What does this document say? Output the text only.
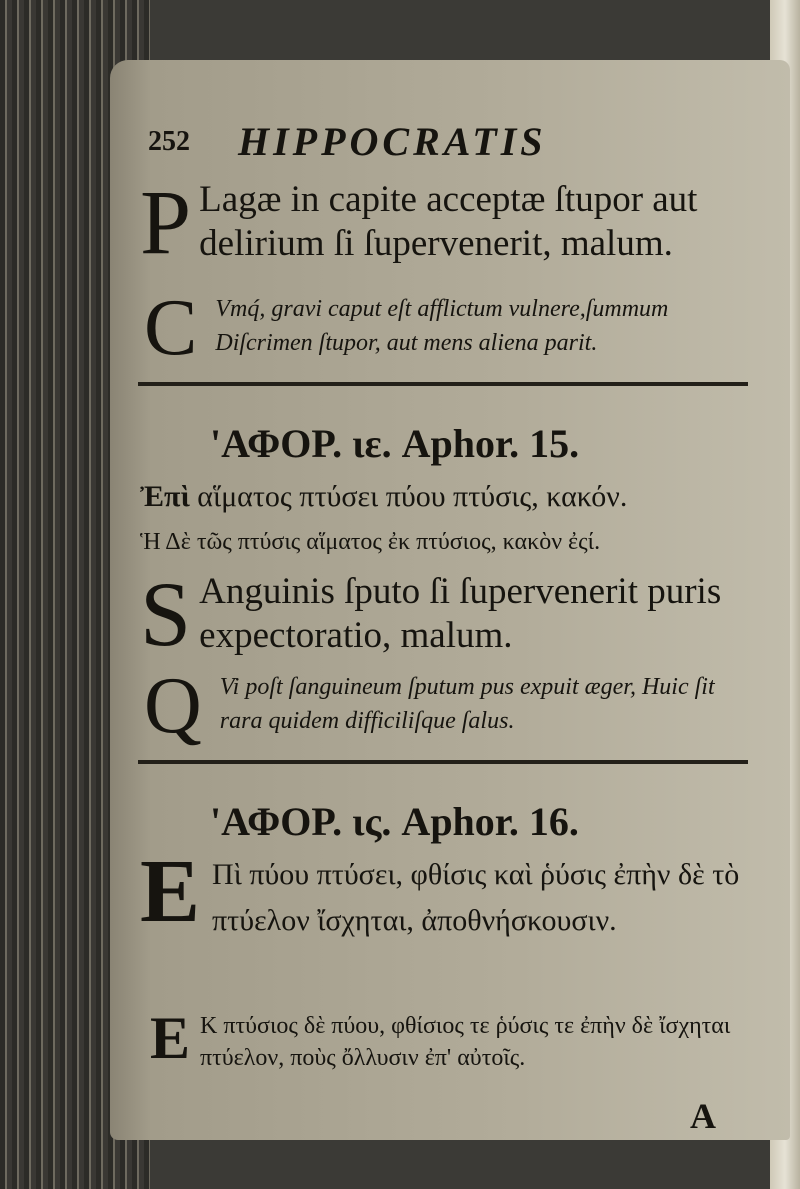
252 HIPPOCRATIS
P Lagæ in capite acceptæ ſtupor aut delirium ſi ſupervenerit, malum.
C Vmq́, gravi caput eſt afflictum vulnere,ſummum Diſcrimen ſtupor, aut mens aliena parit.
'ΑΦΟΡ. ιε. Aphor. 15.
Ἐπὶ αἵματος πτύσει πύου πτύσις, κακόν.
Ἡ Δὲ τῶς πτύσις αἵματος ἐκ πτύσιος, κακὸν ἐςί.
S Anguinis ſputo ſi ſupervenerit puris expectoratio, malum.
Q Vi poſt ſanguineum ſputum pus expuit æger, Huic ſit rara quidem difficiliſque ſalus.
'ΑΦΟΡ. ις. Aphor. 16.
Ε Πὶ πύου πτύσει, φθίσις καὶ ῥύσις ἐπὴν δὲ τὸ πτύελον ἴσχηται, ἀποθνήσκουσιν.
E Κ πτύσιος δὲ πύου, φθίσιος τε ῥύσις τε ἐπὴν δὲ ἴσχηται πτύελον, ποὺς ὄλλυσιν ἐπ' αὐτοῖς.
A
